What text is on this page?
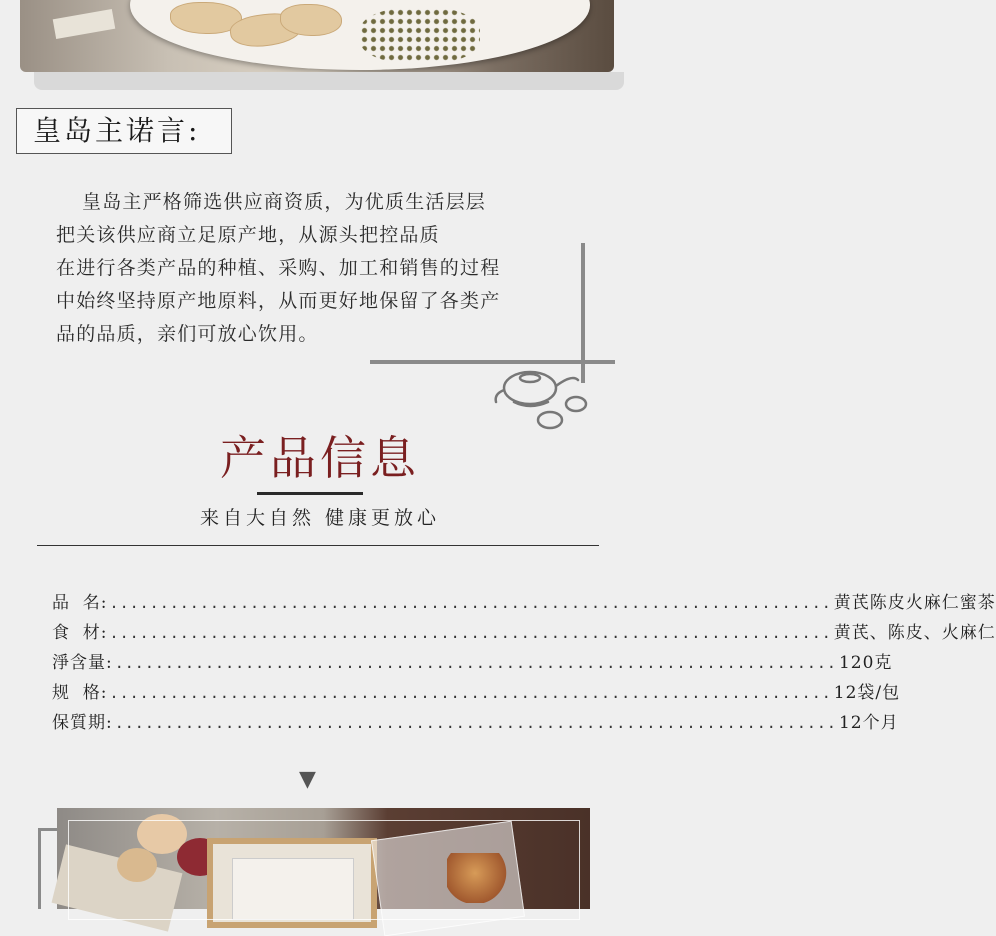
皇岛主诺言:

皇岛主严格筛选供应商资质，为优质生活层层

把关该供应商立足原产地，从源头把控品质

在进行各类产品的种植、采购、加工和销售的过程

中始终坚持原产地原料，从而更好地保留了各类产

品的品质，亲们可放心饮用。

产品信息
来自大自然 健康更放心
品  名: ........................................................................ 黄芪陈皮火麻仁蜜茶
食  材: ........................................................................ 黄芪、陈皮、火麻仁
淨含量: ........................................................................ 120克
规  格: ........................................................................ 12袋/包
保質期: ........................................................................ 12个月
▼
